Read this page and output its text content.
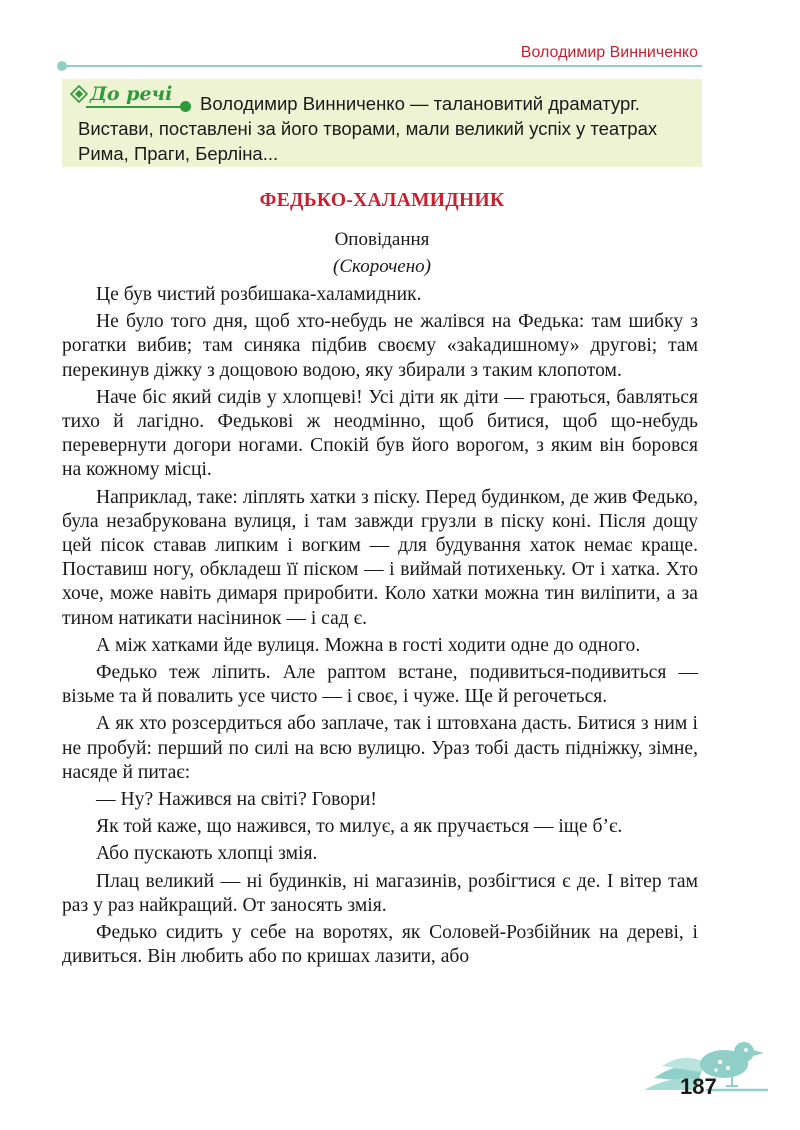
Володимир Винниченко
До речі	Володимир Винниченко — талановитий драматург. Вистави, поставлені за його творами, мали великий успіх у театрах Рима, Праги, Берліна...

ФЕДЬКО-ХАЛАМИДНИК
Оповідання
(Скорочено)

Це був чистий розбишака-халамидник.

Не було того дня, щоб хто-небудь не жалівся на Федька: там шибку з рогатки вибив; там синяка підбив своєму «заkaдишному» другові; там перекинув діжку з дощовою водою, яку збирали з таким клопотом.

Наче біс який сидів у хлопцеві! Усі діти як діти — граються, бавляться тихо й лагідно. Федькові ж неодмінно, щоб битися, щоб що-небудь перевернути догори ногами. Спокій був його ворогом, з яким він боровся на кожному місці.

Наприклад, таке: ліплять хатки з піску. Перед будинком, де жив Федько, була незабрукована вулиця, і там завжди грузли в піску коні. Після дощу цей пісок ставав липким і вогким — для будування хаток немає краще. Поставиш ногу, обкладеш її піском — і виймай потихеньку. От і хатка. Хто хоче, може навіть димаря приробити. Коло хатки можна тин виліпити, а за тином натикати насінинок — і сад є.

А між хатками йде вулиця. Можна в гості ходити одне до одного.

Федько теж ліпить. Але раптом встане, подивиться-подивиться — візьме та й повалить усе чисто — і своє, і чуже. Ще й регочеться.

А як хто розсердиться або заплаче, так і штовхана дасть. Битися з ним і не пробуй: перший по силі на всю вулицю. Ураз тобі дасть підніжку, зімне, насяде й питає:

— Ну? Нажився на світі? Говори!

Як той каже, що нажився, то милує, а як пручається — іще б’є.

Або пускають хлопці змія.

Плац великий — ні будинків, ні магазинів, розбігтися є де. І вітер там раз у раз найкращий. От заносять змія.

Федько сидить у себе на воротях, як Соловей-Розбійник на дереві, і дивиться. Він любить або по кришах лазити, або

187
